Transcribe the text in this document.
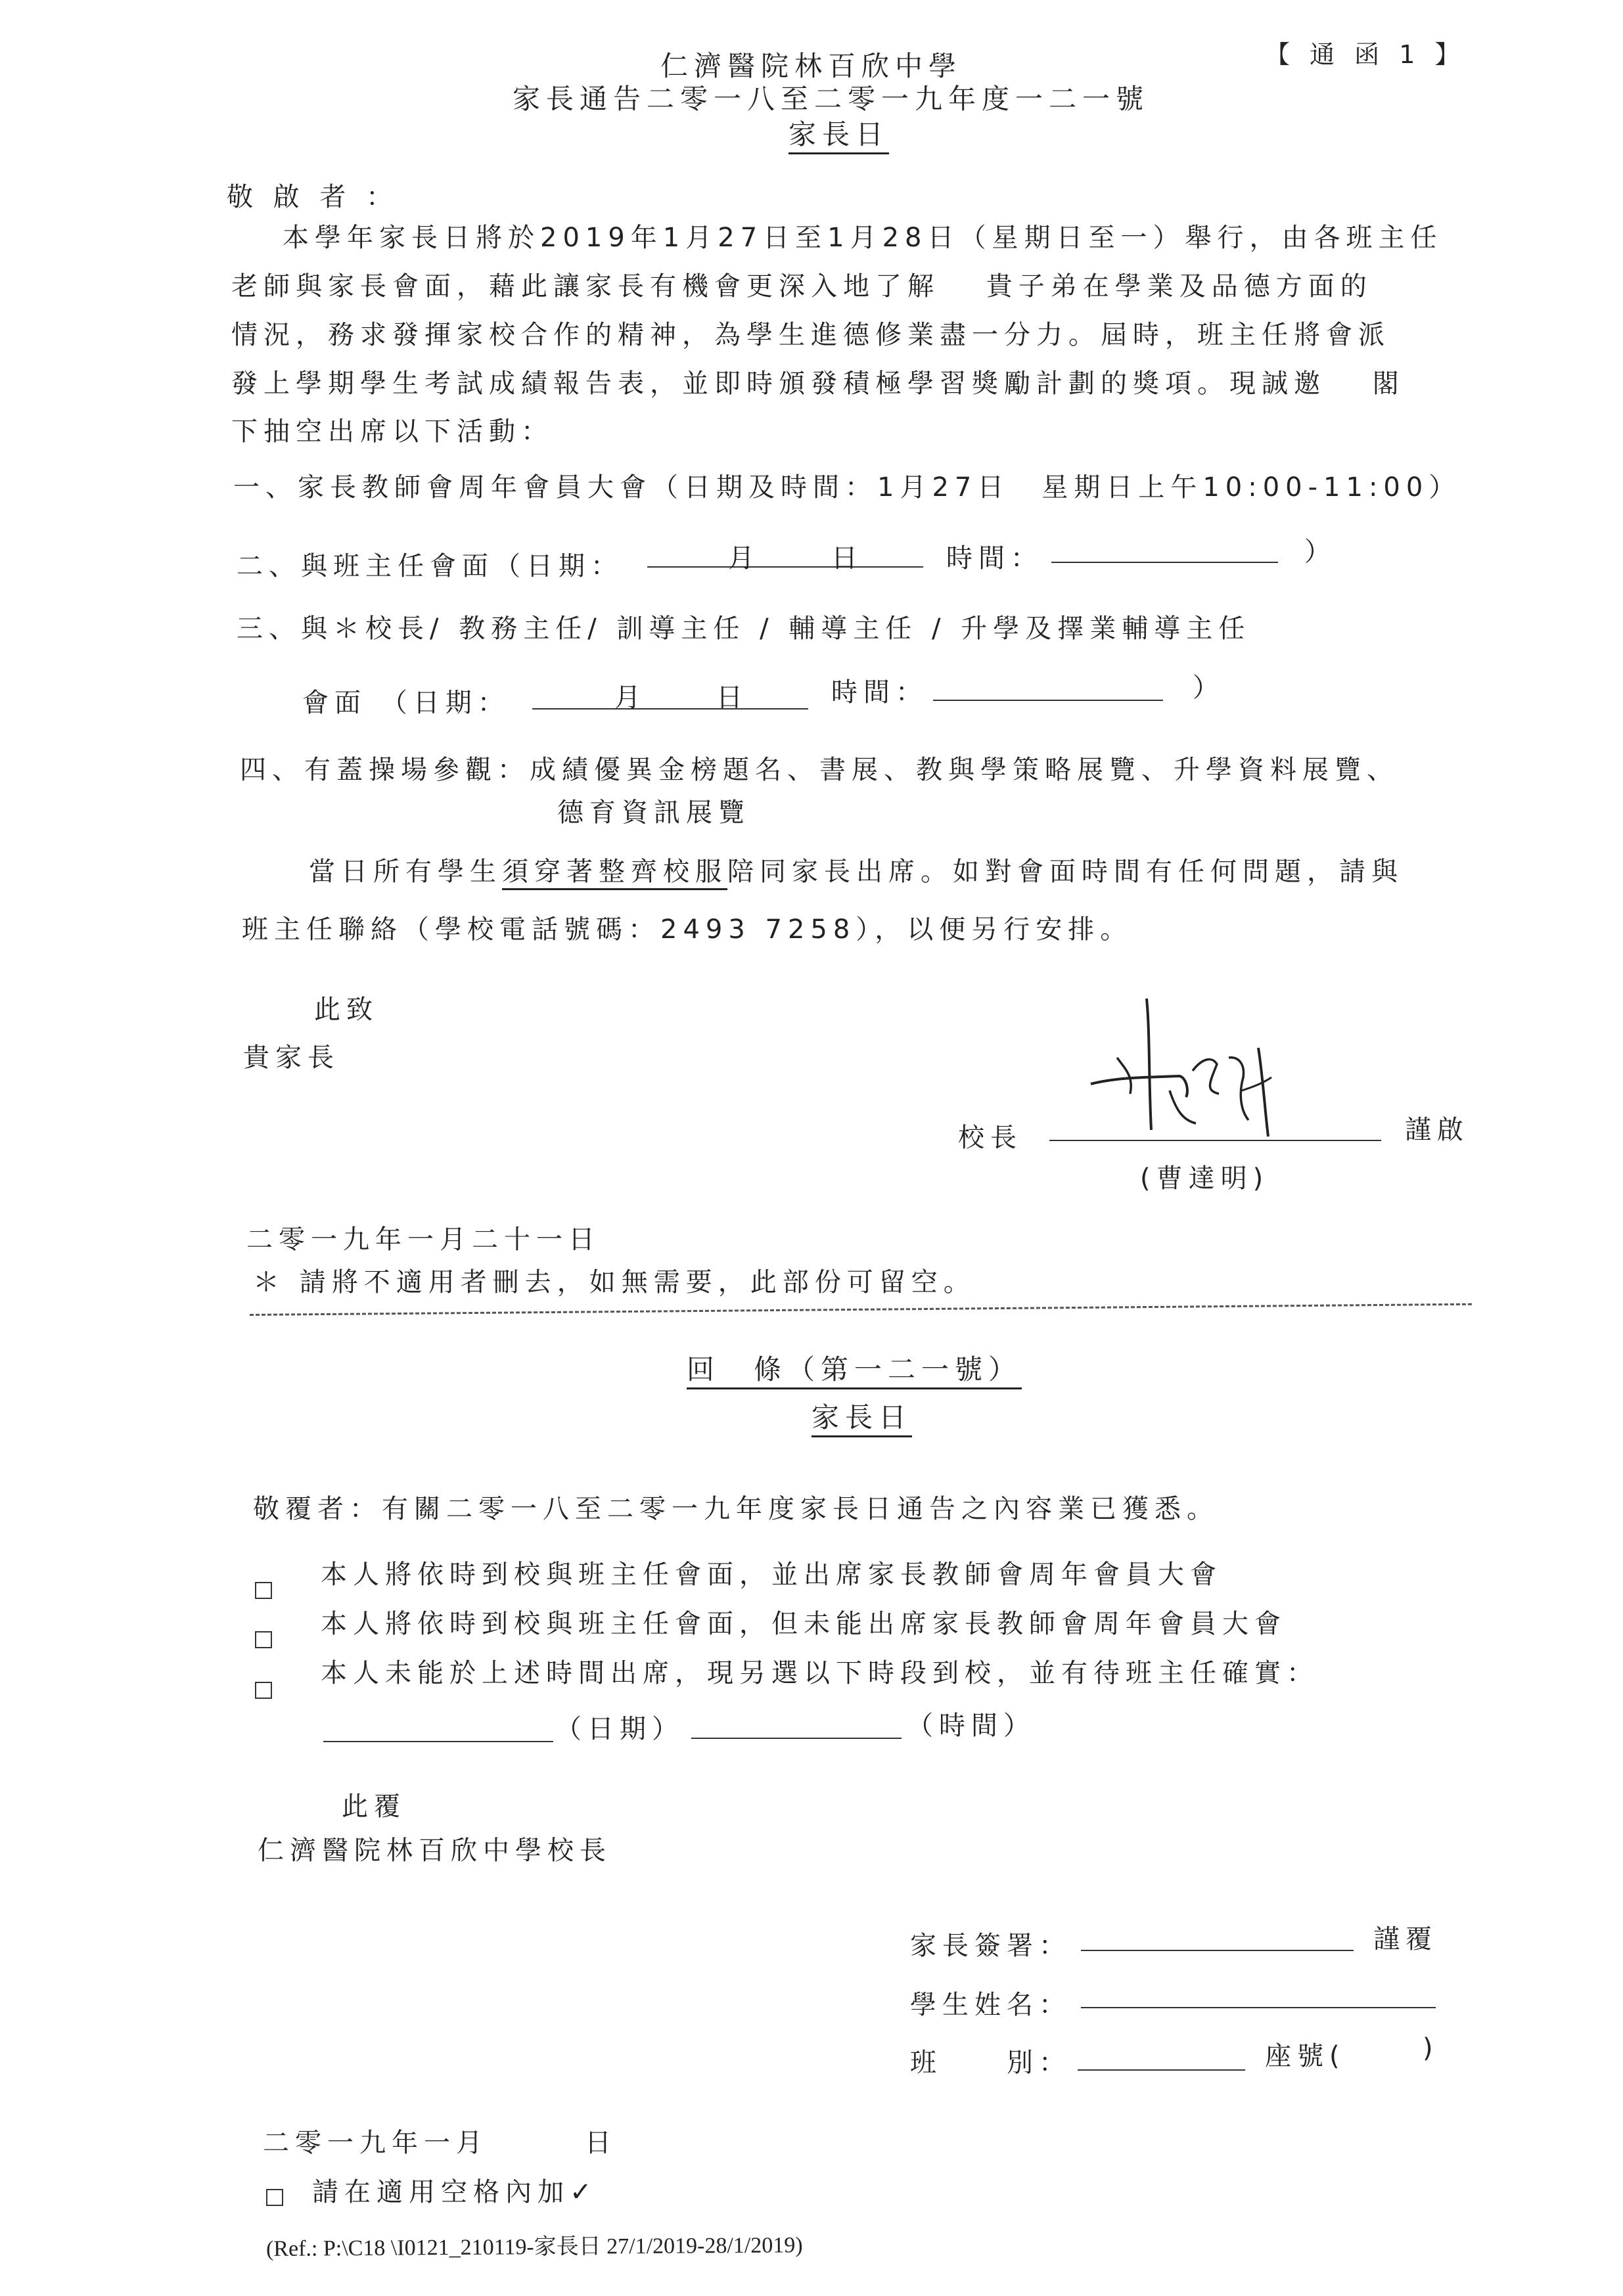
仁濟醫院林百欣中學	【 通 函 1 】
家長通告二零一八至二零一九年度一二一號
家長日
敬 啟 者 ：
本學年家長日將於2019年1月27日至1月28日（星期日至一）舉行，由各班主任
老師與家長會面，藉此讓家長有機會更深入地了解　 貴子弟在學業及品德方面的
情況，務求發揮家校合作的精神，為學生進德修業盡一分力。屆時，班主任將會派
發上學期學生考試成績報告表，並即時頒發積極學習獎勵計劃的獎項。現誠邀　 閣
下抽空出席以下活動：
一、家長教師會周年會員大會（日期及時間：1月27日　星期日上午10:00-11:00）
二、與班主任會面（日期：	月	日	時間：	）
三、與＊校長/ 教務主任/ 訓導主任 / 輔導主任 / 升學及擇業輔導主任
會面 （日期：	月	日	時間：	）
四、有蓋操場參觀：成績優異金榜題名、書展、教與學策略展覽、升學資料展覽、
德育資訊展覽
當日所有學生須穿著整齊校服陪同家長出席。如對會面時間有任何問題，請與
班主任聯絡（學校電話號碼：2493 7258），以便另行安排。
此致
貴家長
校長	謹啟
(曹達明)
二零一九年一月二十一日
＊ 請將不適用者刪去，如無需要，此部份可留空。
回　條（第一二一號）
家長日
敬覆者：有關二零一八至二零一九年度家長日通告之內容業已獲悉。
本人將依時到校與班主任會面，並出席家長教師會周年會員大會
本人將依時到校與班主任會面，但未能出席家長教師會周年會員大會
本人未能於上述時間出席，現另選以下時段到校，並有待班主任確實：
（日期）	（時間）
此覆
仁濟醫院林百欣中學校長
家長簽署：	謹覆
學生姓名：
班　　別：	座號(	)
二零一九年一月　　　日
請在適用空格內加✓
(Ref.: P:\C18 \I0121_210119-家長日 27/1/2019-28/1/2019)
